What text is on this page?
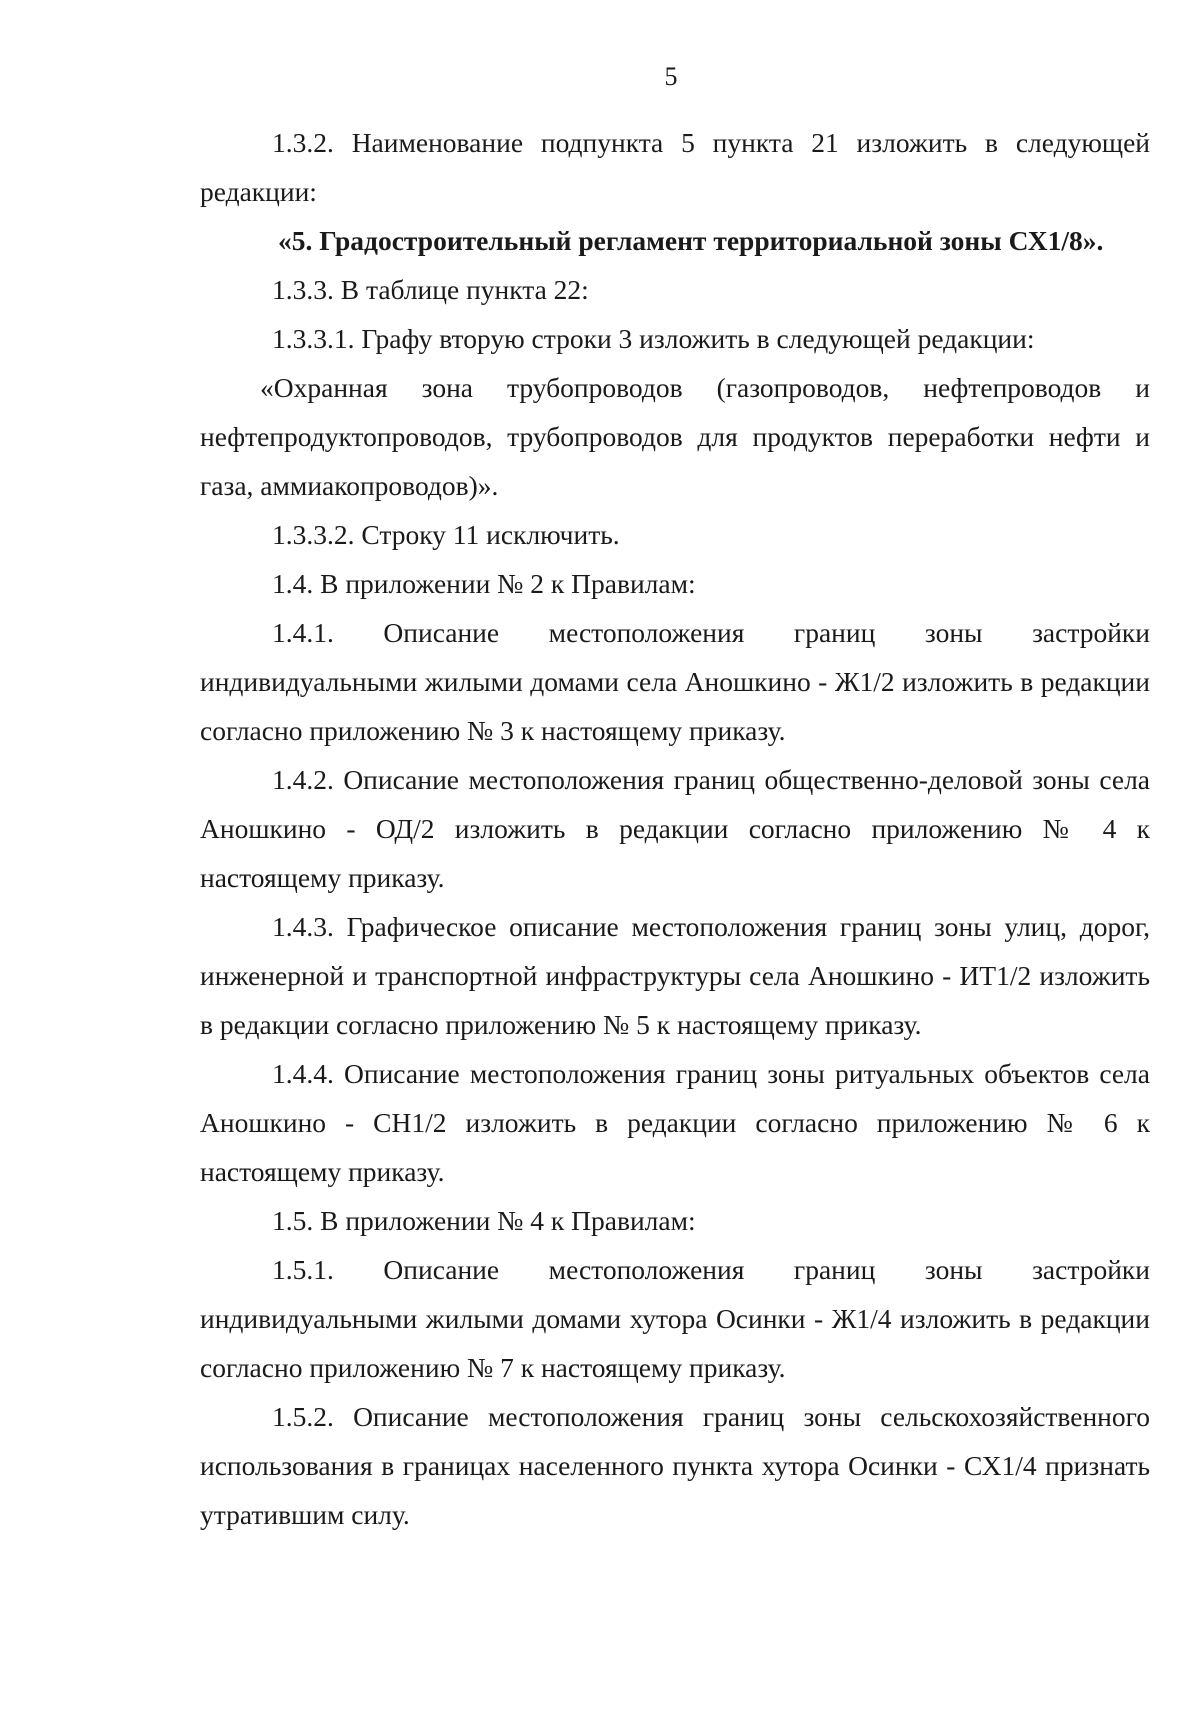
5

1.3.2. Наименование подпункта 5 пункта 21 изложить в следующей редакции:

«5. Градостроительный регламент территориальной зоны СХ1/8».

1.3.3. В таблице пункта 22:

1.3.3.1. Графу вторую строки 3 изложить в следующей редакции:

«Охранная зона трубопроводов (газопроводов, нефтепроводов и нефтепродуктопроводов, трубопроводов для продуктов переработки нефти и газа, аммиакопроводов)».

1.3.3.2. Строку 11 исключить.

1.4. В приложении № 2 к Правилам:

1.4.1. Описание местоположения границ зоны застройки индивидуальными жилыми домами села Аношкино - Ж1/2 изложить в редакции согласно приложению № 3 к настоящему приказу.

1.4.2. Описание местоположения границ общественно-деловой зоны села Аношкино - ОД/2 изложить в редакции согласно приложению № 4 к настоящему приказу.

1.4.3. Графическое описание местоположения границ зоны улиц, дорог, инженерной и транспортной инфраструктуры села Аношкино - ИТ1/2 изложить в редакции согласно приложению № 5 к настоящему приказу.

1.4.4. Описание местоположения границ зоны ритуальных объектов села Аношкино - СН1/2 изложить в редакции согласно приложению № 6 к настоящему приказу.

1.5. В приложении № 4 к Правилам:

1.5.1. Описание местоположения границ зоны застройки индивидуальными жилыми домами хутора Осинки - Ж1/4 изложить в редакции согласно приложению № 7 к настоящему приказу.

1.5.2. Описание местоположения границ зоны сельскохозяйственного использования в границах населенного пункта хутора Осинки - СХ1/4 признать утратившим силу.
